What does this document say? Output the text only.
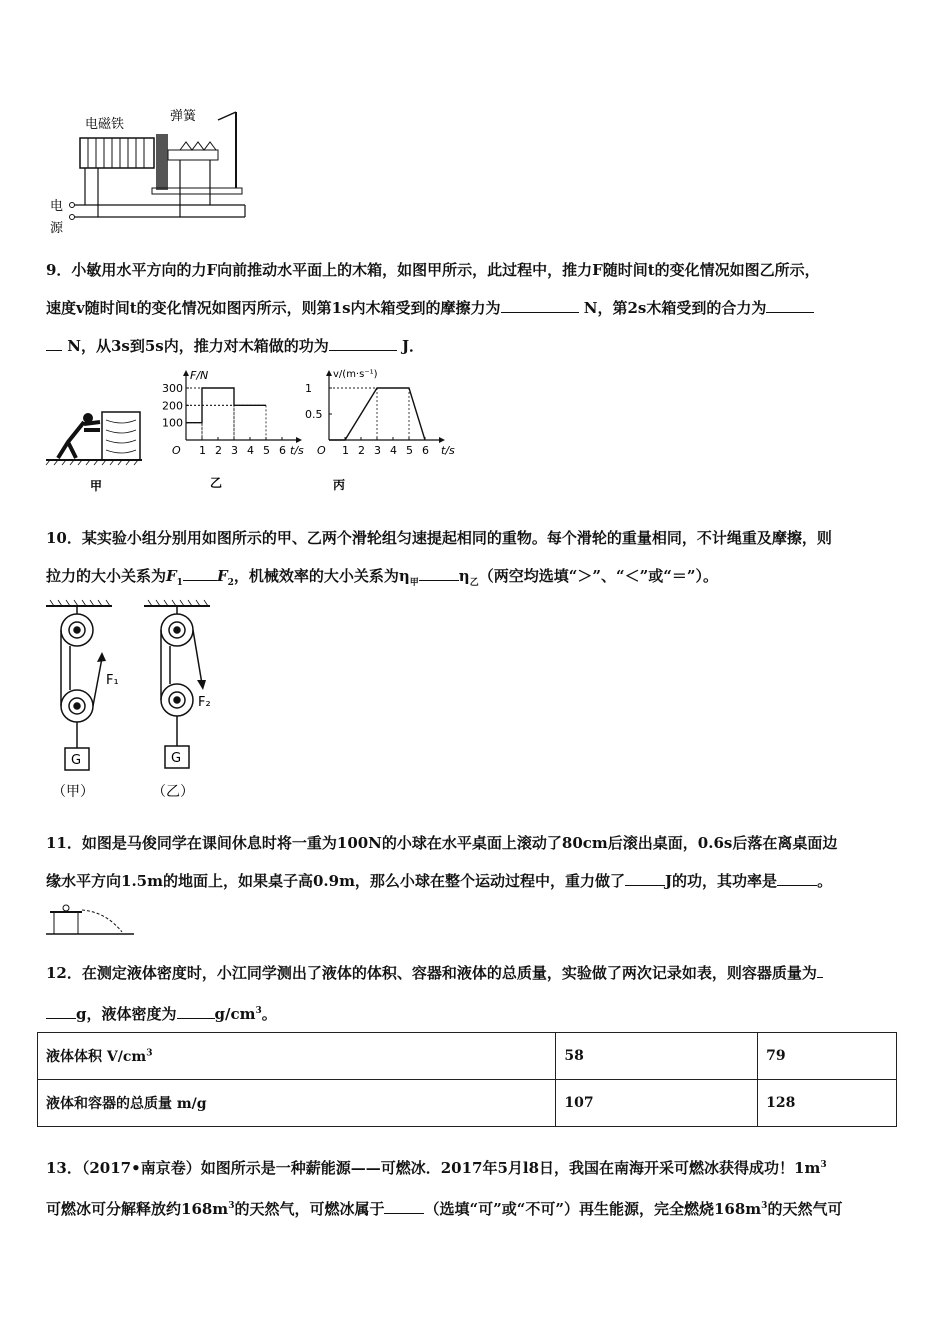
电磁铁
弹簧
电
源
9．小敏用水平方向的力F向前推动水平面上的木箱，如图甲所示，此过程中，推力F随时间t的变化情况如图乙所示，
速度v随时间t的变化情况如图丙所示，则第1s内木箱受到的摩擦力为	N，第2s木箱受到的合力为
N，从3s到5s内，推力对木箱做的功为	J．
甲
F/N
t/s
O
乙
1 2 3 4 5 6
100
200
300
v/(m·s⁻¹)
t/s
O
丙
1 2 3 4 5 6
0.5
1
10．某实验小组分别用如图所示的甲、乙两个滑轮组匀速提起相同的重物。每个滑轮的重量相同，不计绳重及摩擦，则
拉力的大小关系为$F_1$ $F_2$，机械效率的大小关系为$\eta_甲$	$\eta_乙$（两空均选填“＞”、“＜”或“＝”）。
F₁
G
（甲）
F₂
G
（乙）
11．如图是马俊同学在课间休息时将一重为100N的小球在水平桌面上滚动了80cm后滚出桌面，0.6s后落在离桌面边
缘水平方向1.5m的地面上，如果桌子高0.9m，那么小球在整个运动过程中，重力做了	J的功，其功率是	。
12．在测定液体密度时，小江同学测出了液体的体积、容器和液体的总质量，实验做了两次记录如表，则容器质量为
g，液体密度为	$g/cm^3$。
液体体积 $V/cm^3$	58	79
液体和容器的总质量 m/g	107	128
13．（2017•南京卷）如图所示是一种薪能源——可燃冰．2017年5月l8日，我国在南海开采可燃冰获得成功！$1m^3$
可燃冰可分解释放约$168m^3$的天然气，可燃冰属于	（选填“可”或“不可”）再生能源，完全燃烧$168m^3$的天然气可
